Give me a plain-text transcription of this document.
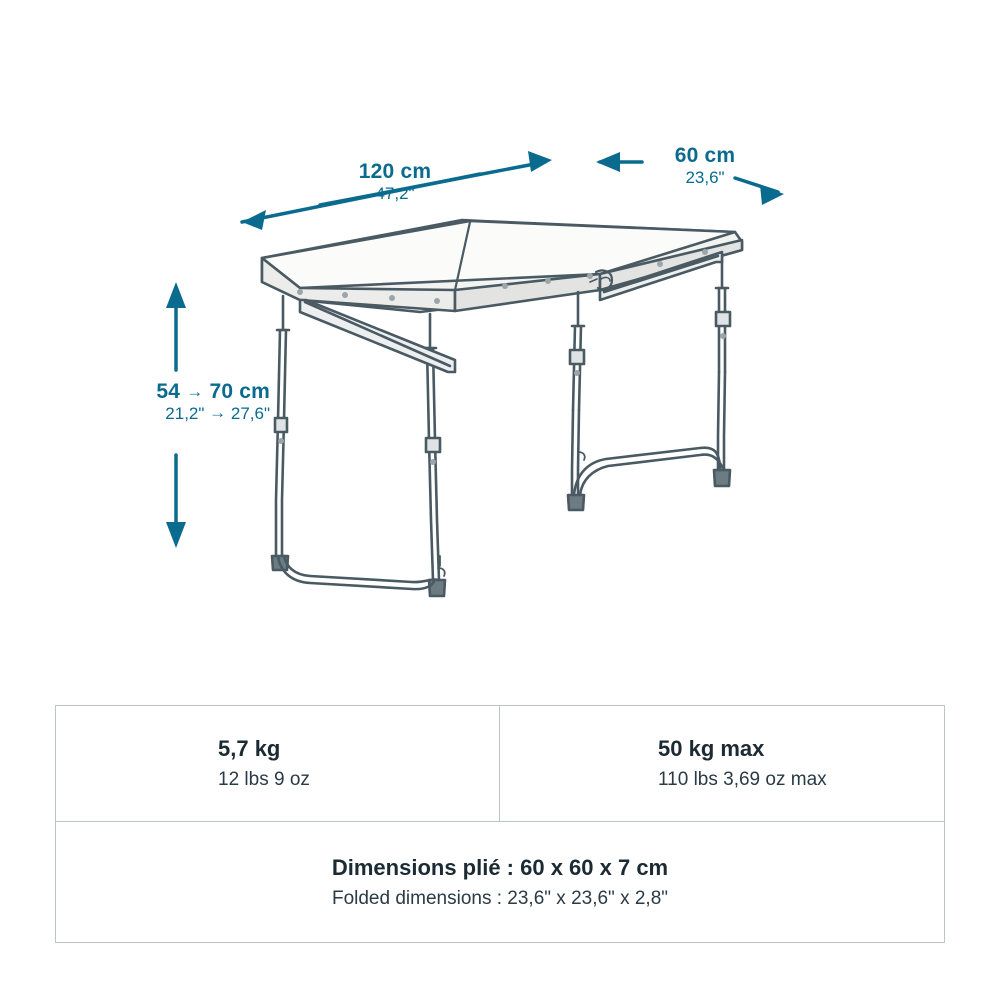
120 cm
47,2"
60 cm
23,6"
54 → 70 cm
21,2" → 27,6"
5,7 kg
12 lbs 9 oz
50 kg max
110 lbs 3,69 oz max
Dimensions plié : 60 x 60 x 7 cm
Folded dimensions : 23,6" x 23,6" x 2,8"
